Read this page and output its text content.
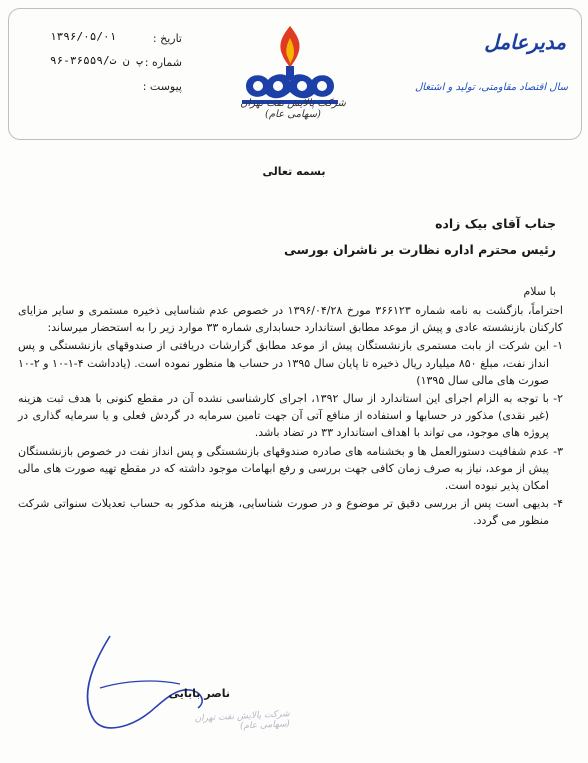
تاریخ :
۱۳۹۶/۰۵/۰۱
شماره :
پ ن ت/۳۶۵۵۹-۹۶
پیوست :
شرکت پالایش نفت تهران (سهامی عام)
مدیرعامل
سال اقتصاد مقاومتی، تولید و اشتغال
بسمه تعالی
جناب آقای بیک زاده
رئیس محترم اداره نظارت بر ناشران بورسی
با سلام

احتراماً، بازگشت به نامه شماره ۳۶۶۱۲۳ مورخ ۱۳۹۶/۰۴/۲۸ در خصوص عدم شناسایی ذخیره مستمری و سایر مزایای کارکنان بازنشسته عادی و پیش از موعد مطابق استاندارد حسابداری شماره ۳۳ موارد زیر را به استحضار میرساند:

۱-
این شرکت از بابت مستمری بازنشستگان پیش از موعد مطابق گزارشات دریافتی از صندوقهای بازنشستگی و پس انداز نفت، مبلغ ۸۵۰ میلیارد ریال ذخیره تا پایان سال ۱۳۹۵ در حساب ها منظور نموده است. (یادداشت ۴-۱-۱۰ و ۲-۱۰ صورت های مالی سال ۱۳۹۵)
۲-
با توجه به الزام اجرای این استاندارد از سال ۱۳۹۲، اجرای کارشناسی نشده آن در مقطع کنونی با هدف ثبت هزینه (غیر نقدی) مذکور در حسابها و استفاده از منافع آتی آن جهت تامین سرمایه در گردش فعلی و یا سرمایه گذاری در پروژه های موجود، می تواند با اهداف استاندارد ۳۳ در تضاد باشد.
۳-
عدم شفافیت دستورالعمل ها و بخشنامه های صادره صندوقهای بازنشستگی و پس انداز نفت در خصوص بازنشستگان پیش از موعد، نیاز به صرف زمان کافی جهت بررسی و رفع ابهامات موجود داشته که در مقطع تهیه صورت های مالی امکان پذیر نبوده است.
۴-
بدیهی است پس از بررسی دقیق تر موضوع و در صورت شناسایی، هزینه مذکور به حساب تعدیلات سنواتی شرکت منظور می گردد.
ناصر بابایی
شرکت پالایش نفت تهران (سهامی عام)
